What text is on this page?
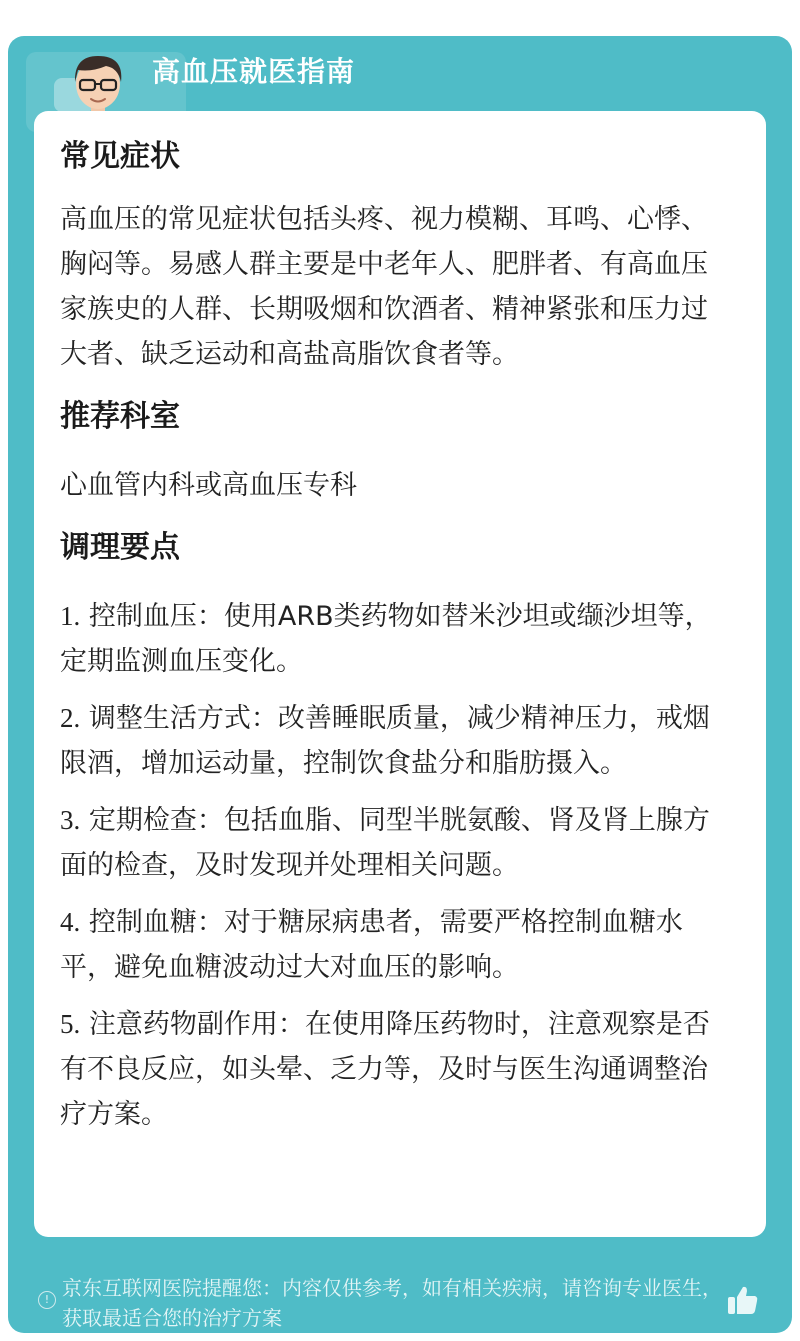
高血压就医指南
! 京东互联网医院提醒您：内容仅供参考，如有相关疾病，请咨询专业医生，获取最适合您的治疗方案
常见症状

高血压的常见症状包括头疼、视力模糊、耳鸣、心悸、胸闷等。易感人群主要是中老年人、肥胖者、有高血压家族史的人群、长期吸烟和饮酒者、精神紧张和压力过大者、缺乏运动和高盐高脂饮食者等。

推荐科室

心血管内科或高血压专科

调理要点

1. 控制血压：使用ARB类药物如替米沙坦或缬沙坦等，定期监测血压变化。

2. 调整生活方式：改善睡眠质量，减少精神压力，戒烟限酒，增加运动量，控制饮食盐分和脂肪摄入。

3. 定期检查：包括血脂、同型半胱氨酸、肾及肾上腺方面的检查，及时发现并处理相关问题。

4. 控制血糖：对于糖尿病患者，需要严格控制血糖水平，避免血糖波动过大对血压的影响。

5. 注意药物副作用：在使用降压药物时，注意观察是否有不良反应，如头晕、乏力等，及时与医生沟通调整治疗方案。
